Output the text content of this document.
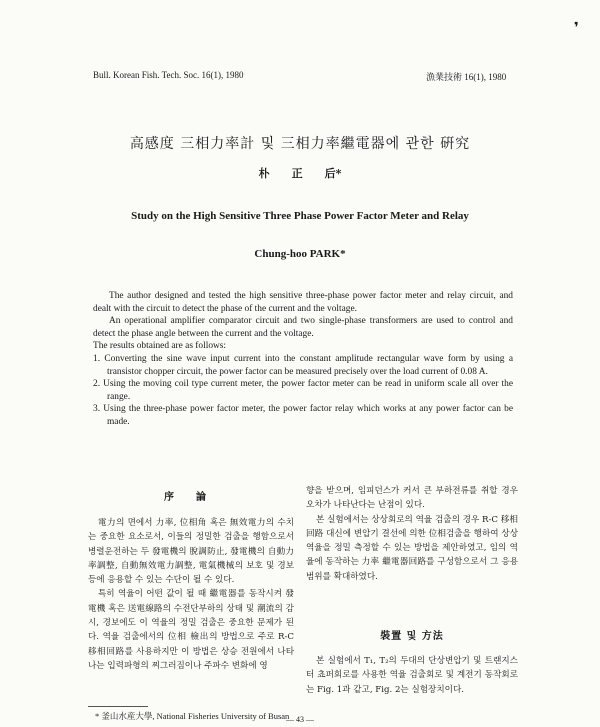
❜
Bull. Korean Fish. Tech. Soc. 16(1), 1980	漁業技術 16(1), 1980
高感度 三相力率計 및 三相力率繼電器에 관한 硏究
朴　　正　　后*
Study on the High Sensitive Three Phase Power Factor Meter and Relay
Chung-hoo PARK*

The author designed and tested the high sensitive three-phase power factor meter and relay circuit, and dealt with the circuit to detect the phase of the current and the voltage.

An operational amplifier comparator circuit and two single-phase transformers are used to control and detect the phase angle between the current and the voltage.

The results obtained are as follows:

1. Converting the sine wave input current into the constant amplitude rectangular wave form by using a transistor chopper circuit, the power factor can be measured precisely over the load current of 0.08 A.

2. Using the moving coil type current meter, the power factor meter can be read in uniform scale all over the range.

3. Using the three-phase power factor meter, the power factor relay which works at any power factor can be made.

序　論

電力의 면에서 力率, 位相角 혹은 無效電力의 수치는 중요한 요소로서, 이들의 정밀한 검출을 행함으로서 병렬운전하는 두 發電機의 脫調防止, 發電機의 自動力率調整, 自動無效電力調整, 電氣機械의 보호 및 경보등에 응용할 수 있는 수단이 될 수 있다.

특히 역율이 어떤 값이 될 때 繼電器를 동작시켜 發電機 혹은 送電線路의 수전단부하의 상태 및 潮流의 감시, 경보에도 이 역율의 정밀 검출은 중요한 문제가 된다. 역율 검출에서의 位相 檢出의 방법으로 주로 R-C 移相回路를 사용하지만 이 방법은 상승 전원에서 나타나는 입력파형의 찌그러짐이나 주파수 변화에 영

향을 받으며, 임피던스가 커서 큰 부하전류를 취할 경우 오차가 나타난다는 난점이 있다.

본 실험에서는 상상회로의 역율 검출의 경우 R-C 移相回路 대신에 변압기 결선에 의한 位相검출을 행하여 상상역율을 정밀 측정할 수 있는 방법을 제안하였고, 임의 역율에 동작하는 力率 繼電器回路를 구성함으로서 그 응용범위를 확대하였다.

裝置 및 方法

본 실험에서 T₁, T₂의 두대의 단상변압기 및 트랜지스터 쵸퍼회로를 사용한 역율 검출회로 및 계전기 동작회로는 Fig. 1과 같고, Fig. 2는 실험장치이다.

* 釜山水産大學, National Fisheries University of Busan
— 43 —
